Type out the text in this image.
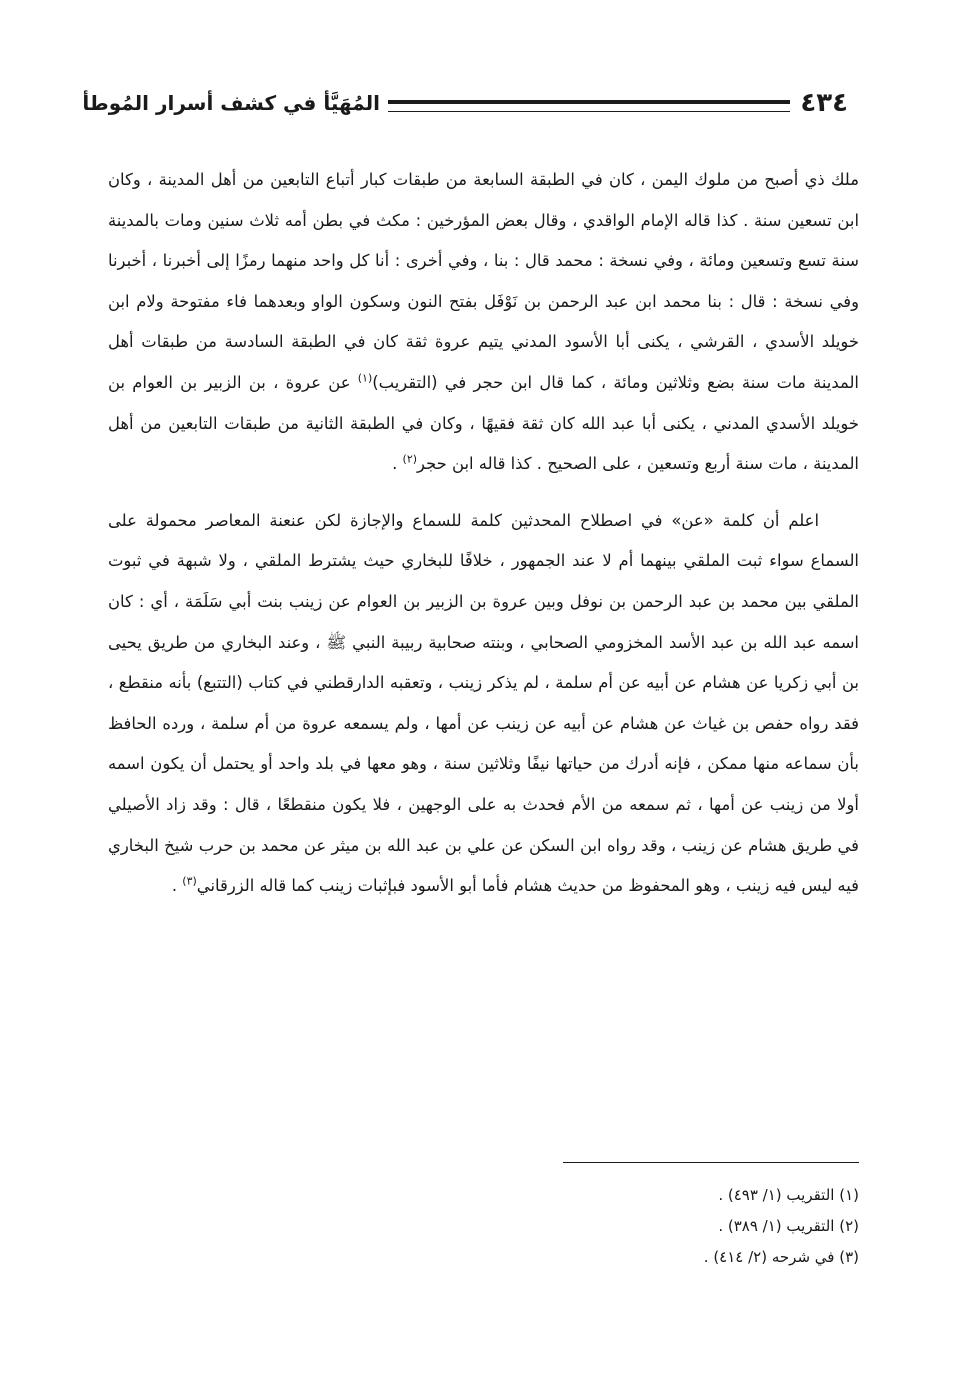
٤٣٤
المُهَيَّأ في كشف أسرار المُوطأ

ملك ذي أصبح من ملوك اليمن ، كان في الطبقة السابعة من طبقات كبار أتباع التابعين من أهل المدينة ، وكان ابن تسعين سنة . كذا قاله الإمام الواقدي ، وقال بعض المؤرخين : مكث في بطن أمه ثلاث سنين ومات بالمدينة سنة تسع وتسعين ومائة ، وفي نسخة : محمد قال : بنا ، وفي أخرى : أنا كل واحد منهما رمزًا إلى أخبرنا ، أخبرنا وفي نسخة : قال : بنا محمد ابن عبد الرحمن بن نَوْفَل بفتح النون وسكون الواو وبعدهما فاء مفتوحة ولام ابن خويلد الأسدي ، القرشي ، يكنى أبا الأسود المدني يتيم عروة ثقة كان في الطبقة السادسة من طبقات أهل المدينة مات سنة بضع وثلاثين ومائة ، كما قال ابن حجر في (التقريب)$^{(١)}$ عن عروة ، بن الزبير بن العوام بن خويلد الأسدي المدني ، يكنى أبا عبد الله كان ثقة فقيهًا ، وكان في الطبقة الثانية من طبقات التابعين من أهل المدينة ، مات سنة أربع وتسعين ، على الصحيح . كذا قاله ابن حجر$^{(٢)}$ .

اعلم أن كلمة «عن» في اصطلاح المحدثين كلمة للسماع والإجازة لكن عنعنة المعاصر محمولة على السماع سواء ثبت الملقي بينهما أم لا عند الجمهور ، خلافًا للبخاري حيث يشترط الملقي ، ولا شبهة في ثبوت الملقي بين محمد بن عبد الرحمن بن نوفل وبين عروة بن الزبير بن العوام عن زينب بنت أبي سَلَمَة ، أي : كان اسمه عبد الله بن عبد الأسد المخزومي الصحابي ، وبنته صحابية ربيبة النبي ﷺ ، وعند البخاري من طريق يحيى بن أبي زكريا عن هشام عن أبيه عن أم سلمة ، لم يذكر زينب ، وتعقبه الدارقطني في كتاب (التتبع) بأنه منقطع ، فقد رواه حفص بن غياث عن هشام عن أبيه عن زينب عن أمها ، ولم يسمعه عروة من أم سلمة ، ورده الحافظ بأن سماعه منها ممكن ، فإنه أدرك من حياتها نيفًا وثلاثين سنة ، وهو معها في بلد واحد أو يحتمل أن يكون اسمه أولا من زينب عن أمها ، ثم سمعه من الأم فحدث به على الوجهين ، فلا يكون منقطعًا ، قال : وقد زاد الأصيلي في طريق هشام عن زينب ، وقد رواه ابن السكن عن علي بن عبد الله بن ميثر عن محمد بن حرب شيخ البخاري فيه ليس فيه زينب ، وهو المحفوظ من حديث هشام فأما أبو الأسود فبإثبات زينب كما قاله الزرقاني$^{(٣)}$ .

(١) التقريب (١/ ٤٩٣) .

(٢) التقريب (١/ ٣٨٩) .

(٣) في شرحه (٢/ ٤١٤) .
